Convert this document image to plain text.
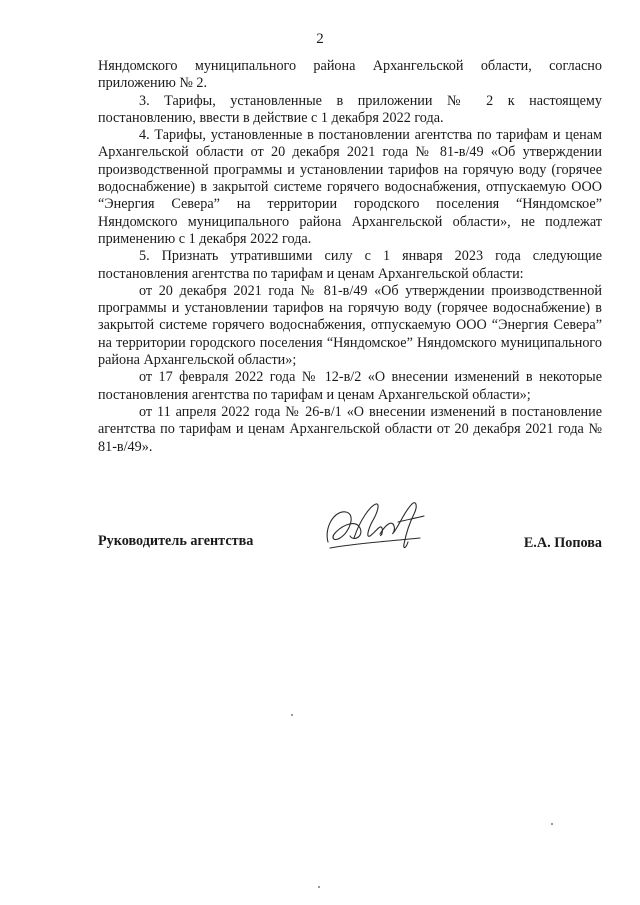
2

Няндомского муниципального района Архангельской области, согласно приложению № 2.

3. Тарифы, установленные в приложении № 2 к настоящему постановлению, ввести в действие с 1 декабря 2022 года.

4. Тарифы, установленные в постановлении агентства по тарифам и ценам Архангельской области от 20 декабря 2021 года № 81-в/49 «Об утверждении производственной программы и установлении тарифов на горячую воду (горячее водоснабжение) в закрытой системе горячего водоснабжения, отпускаемую ООО “Энергия Севера” на территории городского поселения “Няндомское” Няндомского муниципального района Архангельской области», не подлежат применению с 1 декабря 2022 года.

5. Признать утратившими силу с 1 января 2023 года следующие постановления агентства по тарифам и ценам Архангельской области:

от 20 декабря 2021 года № 81-в/49 «Об утверждении производственной программы и установлении тарифов на горячую воду (горячее водоснабжение) в закрытой системе горячего водоснабжения, отпускаемую ООО “Энергия Севера” на территории городского поселения “Няндомское” Няндомского муниципального района Архангельской области»;

от 17 февраля 2022 года № 12-в/2 «О внесении изменений в некоторые постановления агентства по тарифам и ценам Архангельской области»;

от 11 апреля 2022 года № 26-в/1 «О внесении изменений в постановление агентства по тарифам и ценам Архангельской области от 20 декабря 2021 года № 81-в/49».

Руководитель агентства	Е.А. Попова
